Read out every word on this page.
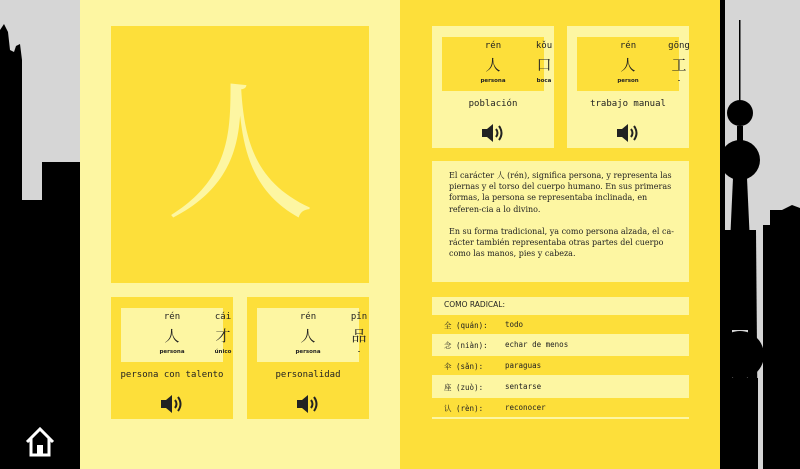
人
rén
人
persona
kǒu
口
boca
población
rén
人
person
gōng
工
-
trabajo manual
rén
人
persona
cái
才
único
persona con talento
rén
人
persona
pǐn
品
-
personalidad

El carácter 人 (rén), significa persona, y representa las piernas y el torso del cuerpo humano. En sus primeras formas, la persona se representaba inclinada, en referen-cia a lo divino.

En su forma tradicional, ya como persona alzada, el ca-rácter también representaba otras partes del cuerpo como las manos, pies y cabeza.

COMO RADICAL:
全 (quán): todo
念 (niàn): echar de menos
伞 (sǎn):	paraguas
座 (zuò):	sentarse
认 (rèn):	reconocer
